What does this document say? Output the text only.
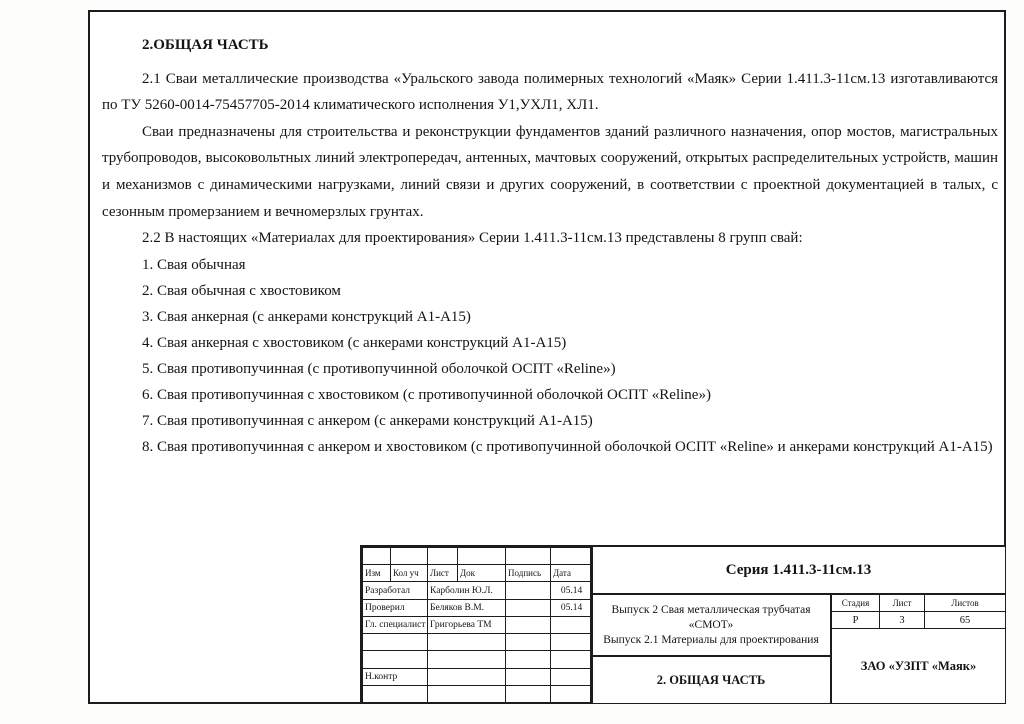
2.ОБЩАЯ ЧАСТЬ

2.1 Сваи металлические производства «Уральского завода полимерных технологий «Маяк» Серии 1.411.3-11см.13 изготавливаются по ТУ 5260-0014-75457705-2014 климатического исполнения У1,УХЛ1, ХЛ1.

Сваи предназначены для строительства и реконструкции фундаментов зданий различного назначения, опор мостов, магистральных трубопроводов, высоковольтных линий электропередач, антенных, мачтовых сооружений, открытых распределительных устройств, машин и механизмов с динамическими нагрузками, линий связи и других сооружений, в соответствии с проектной документацией в талых, с сезонным промерзанием и вечномерзлых грунтах.

2.2 В настоящих «Материалах для проектирования» Серии 1.411.3-11см.13 представлены 8 групп свай:

1. Свая обычная
2. Свая обычная с хвостовиком
3. Свая анкерная (с анкерами конструкций А1-А15)
4. Свая анкерная с хвостовиком (с анкерами конструкций А1-А15)
5. Свая противопучинная (с противопучинной оболочкой ОСПТ «Reline»)
6. Свая противопучинная с хвостовиком (с противопучинной оболочкой ОСПТ «Reline»)
7. Свая противопучинная с анкером (с анкерами конструкций А1-А15)
8. Свая противопучинная с анкером и хвостовиком (с противопучинной оболочкой ОСПТ «Reline» и анкерами конструкций А1-А15)

Изм	Кол уч	Лист	Док	Подпись	Дата
Разработал		Карболин Ю.Л.			05.14
Проверил		Беляков В.М.			05.14
Гл. специалист		Григорьева ТМ			

Н.контр					

Серия 1.411.3-11см.13
Выпуск 2 Свая металлическая трубчатая
«СМОТ»
Выпуск 2.1 Материалы для проектирования
2. ОБЩАЯ ЧАСТЬ
Стадия	Лист	Листов
Р	3	65
ЗАО «УЗПТ «Маяк»
